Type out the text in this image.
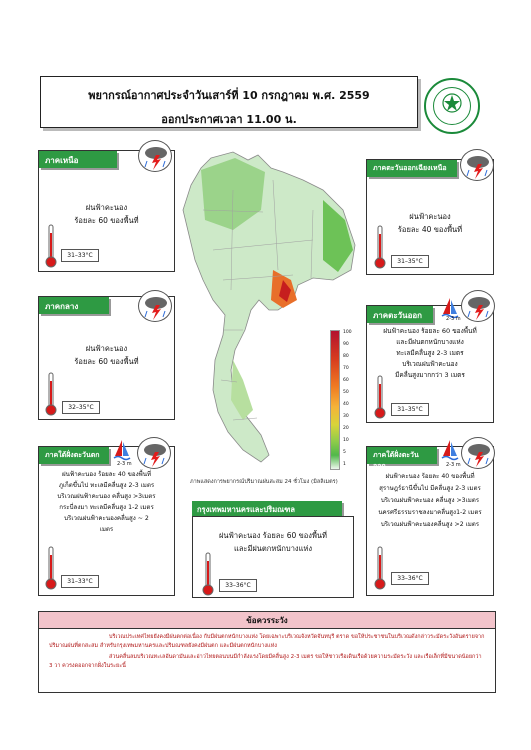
พยากรณ์อากาศประจำวันเสาร์ที่ 10 กรกฎาคม พ.ศ. 2559
ออกประกาศเวลา 11.00 น.
ภาคเหนือ
ฝนฟ้าคะนอง
ร้อยละ 60 ของพื้นที่
31–33°C
ภาคตะวันออกเฉียงเหนือ
ฝนฟ้าคะนอง
ร้อยละ 40 ของพื้นที่
31–35°C
ภาคกลาง
ฝนฟ้าคะนอง
ร้อยละ 60 ของพื้นที่
32–35°C
ภาคตะวันออก
ฝนฟ้าคะนอง ร้อยละ 60 ของพื้นที่
และมีฝนตกหนักบางแห่ง
ทะเลมีคลื่นสูง 2-3 เมตร
บริเวณฝนฟ้าคะนอง
มีคลื่นสูงมากกว่า 3 เมตร
31–35°C
2-3 m
ภาคใต้ฝั่งตะวันตก
ฝนฟ้าคะนอง ร้อยละ 40 ของพื้นที่
ภูเก็ตขึ้นไป ทะเลมีคลื่นสูง 2-3 เมตร
บริเวณฝนฟ้าคะนอง คลื่นสูง >3เมตร
กระบี่ลงมา ทะเลมีคลื่นสูง 1-2 เมตร
บริเวณฝนฟ้าคะนองคลื่นสูง ~ 2
เมตร
31–33°C
2-3 m
ภาคใต้ฝั่งตะวันออก
ฝนฟ้าคะนอง ร้อยละ 40 ของพื้นที่
สุราษฎร์ธานีขึ้นไป มีคลื่นสูง 2-3 เมตร
บริเวณฝนฟ้าคะนอง คลื่นสูง >3เมตร
นครศรีธรรมราชลงมาคลื่นสูง1-2 เมตร
บริเวณฝนฟ้าคะนองคลื่นสูง >2 เมตร
33–36°C
2-3 m
100
90
80
70
60
50
40
30
20
10
5
1
ภาพแสดงการพยากรณ์ปริมาณฝนสะสม 24 ชั่วโมง (มิลลิเมตร)
กรุงเทพมหานครและปริมณฑล
ฝนฟ้าคะนอง ร้อยละ 60 ของพื้นที่
และมีฝนตกหนักบางแห่ง
33–36°C
ข้อควรระวัง
บริเวณประเทศไทยยังคงมีฝนตกต่อเนื่อง กับมีฝนตกหนักบางแห่ง โดยเฉพาะบริเวณจังหวัดจันทบุรี ตราด ขอให้ประชาชนในบริเวณดังกล่าวระมัดระวังอันตรายจากปริมาณฝนที่ตกสะสม สำหรับกรุงเทพมหานครและปริมณฑลยังคงมีฝนตก และมีฝนตกหนักบางแห่ง
ส่วนคลื่นลมบริเวณทะเลอันดามันและอ่าวไทยตอนบนมีกำลังแรงโดยมีคลื่นสูง 2-3 เมตร ขอให้ชาวเรือเดินเรือด้วยความระมัดระวัง และเรือเล็กที่มีขนาดน้อยกว่า 3 วา ควรงดออกจากฝั่งในระยะนี้
